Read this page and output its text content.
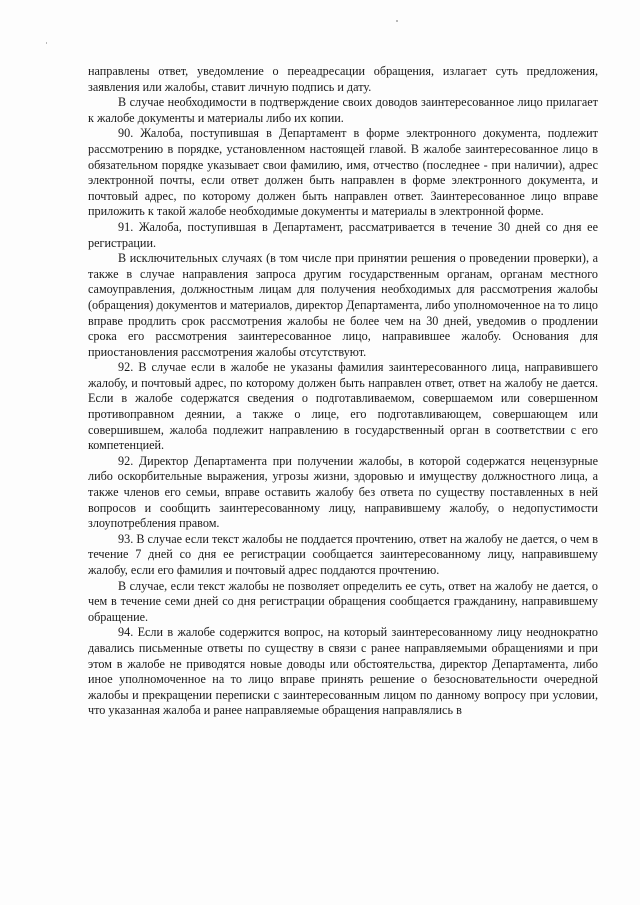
направлены ответ, уведомление о переадресации обращения, излагает суть предложения, заявления или жалобы, ставит личную подпись и дату.

В случае необходимости в подтверждение своих доводов заинтересованное лицо прилагает к жалобе документы и материалы либо их копии.

90. Жалоба, поступившая в Департамент в форме электронного документа, подлежит рассмотрению в порядке, установленном настоящей главой. В жалобе заинтересованное лицо в обязательном порядке указывает свои фамилию, имя, отчество (последнее - при наличии), адрес электронной почты, если ответ должен быть направлен в форме электронного документа, и почтовый адрес, по которому должен быть направлен ответ. Заинтересованное лицо вправе приложить к такой жалобе необходимые документы и материалы в электронной форме.

91. Жалоба, поступившая в Департамент, рассматривается в течение 30 дней со дня ее регистрации.

В исключительных случаях (в том числе при принятии решения о проведении проверки), а также в случае направления запроса другим государственным органам, органам местного самоуправления, должностным лицам для получения необходимых для рассмотрения жалобы (обращения) документов и материалов, директор Департамента, либо уполномоченное на то лицо вправе продлить срок рассмотрения жалобы не более чем на 30 дней, уведомив о продлении срока его рассмотрения заинтересованное лицо, направившее жалобу. Основания для приостановления рассмотрения жалобы отсутствуют.

92. В случае если в жалобе не указаны фамилия заинтересованного лица, направившего жалобу, и почтовый адрес, по которому должен быть направлен ответ, ответ на жалобу не дается. Если в жалобе содержатся сведения о подготавливаемом, совершаемом или совершенном противоправном деянии, а также о лице, его подготавливающем, совершающем или совершившем, жалоба подлежит направлению в государственный орган в соответствии с его компетенцией.

92. Директор Департамента при получении жалобы, в которой содержатся нецензурные либо оскорбительные выражения, угрозы жизни, здоровью и имуществу должностного лица, а также членов его семьи, вправе оставить жалобу без ответа по существу поставленных в ней вопросов и сообщить заинтересованному лицу, направившему жалобу, о недопустимости злоупотребления правом.

93. В случае если текст жалобы не поддается прочтению, ответ на жалобу не дается, о чем в течение 7 дней со дня ее регистрации сообщается заинтересованному лицу, направившему жалобу, если его фамилия и почтовый адрес поддаются прочтению.

В случае, если текст жалобы не позволяет определить ее суть, ответ на жалобу не дается, о чем в течение семи дней со дня регистрации обращения сообщается гражданину, направившему обращение.

94. Если в жалобе содержится вопрос, на который заинтересованному лицу неоднократно давались письменные ответы по существу в связи с ранее направляемыми обращениями и при этом в жалобе не приводятся новые доводы или обстоятельства, директор Департамента, либо иное уполномоченное на то лицо вправе принять решение о безосновательности очередной жалобы и прекращении переписки с заинтересованным лицом по данному вопросу при условии, что указанная жалоба и ранее направляемые обращения направлялись в
